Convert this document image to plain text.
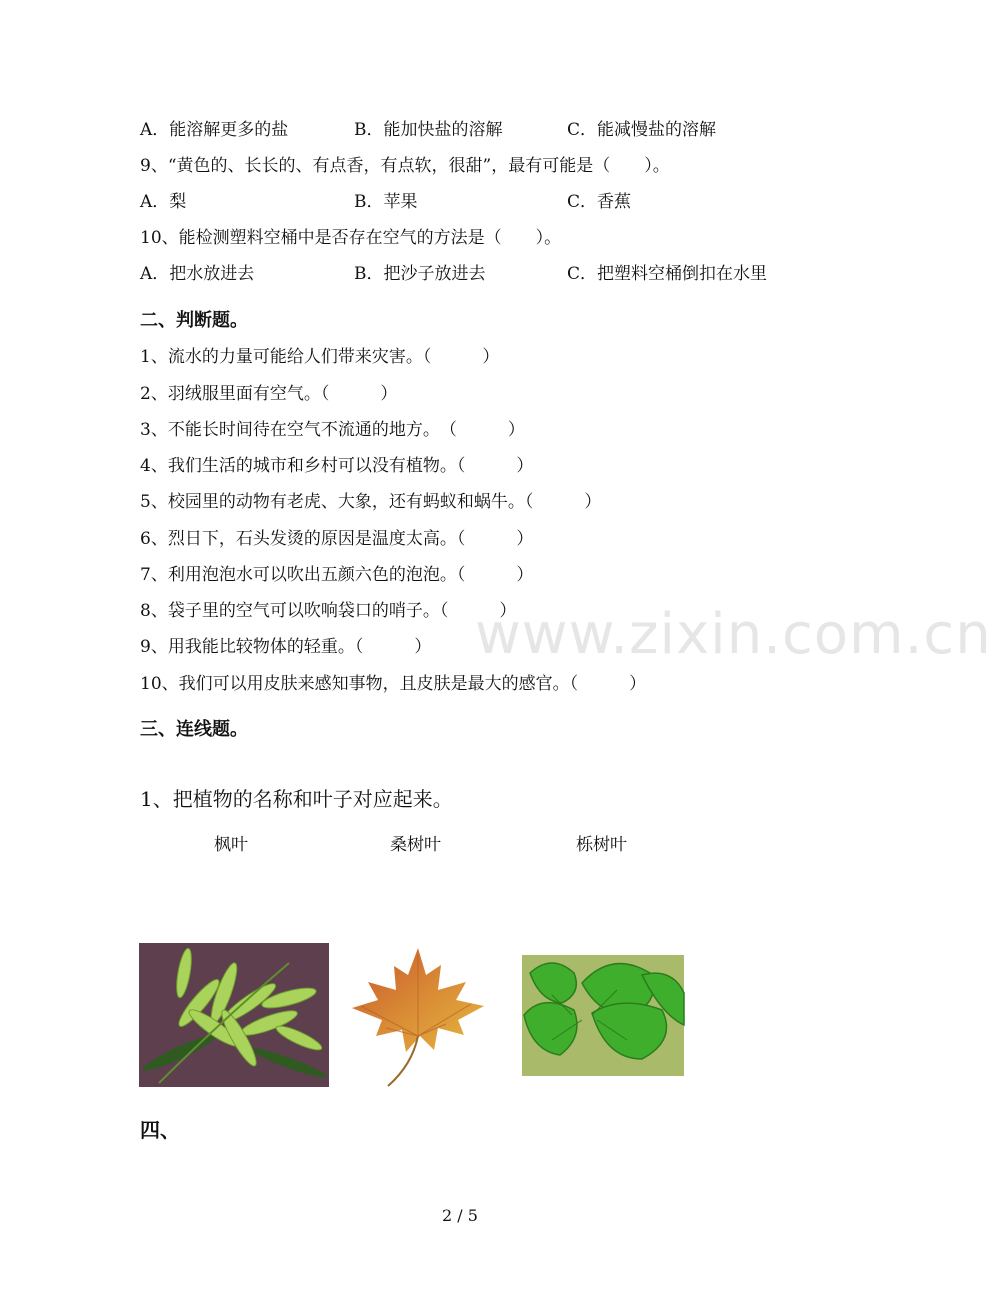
A．能溶解更多的盐	B．能加快盐的溶解	C．能减慢盐的溶解
9、“黄色的、长长的、有点香，有点软，很甜”，最有可能是（　　）。
A．梨	B．苹果	C．香蕉
10、能检测塑料空桶中是否存在空气的方法是（　　）。
A．把水放进去	B．把沙子放进去	C．把塑料空桶倒扣在水里
二、判断题。
1、流水的力量可能给人们带来灾害。（　　　）
2、羽绒服里面有空气。（　　　）
3、不能长时间待在空气不流通的地方。　（　　　）
4、我们生活的城市和乡村可以没有植物。（　　　）
5、校园里的动物有老虎、大象，还有蚂蚁和蜗牛。（　　　）
6、烈日下，石头发烫的原因是温度太高。（　　　）
7、利用泡泡水可以吹出五颜六色的泡泡。（　　　）
8、袋子里的空气可以吹响袋口的哨子。（　　　）
www.zixin.com.cn
9、用我能比较物体的轻重。（　　　）
10、我们可以用皮肤来感知事物，且皮肤是最大的感官。（　　　）
三、连线题。
1、把植物的名称和叶子对应起来。
枫叶	桑树叶	栎树叶
四、
2 / 5
